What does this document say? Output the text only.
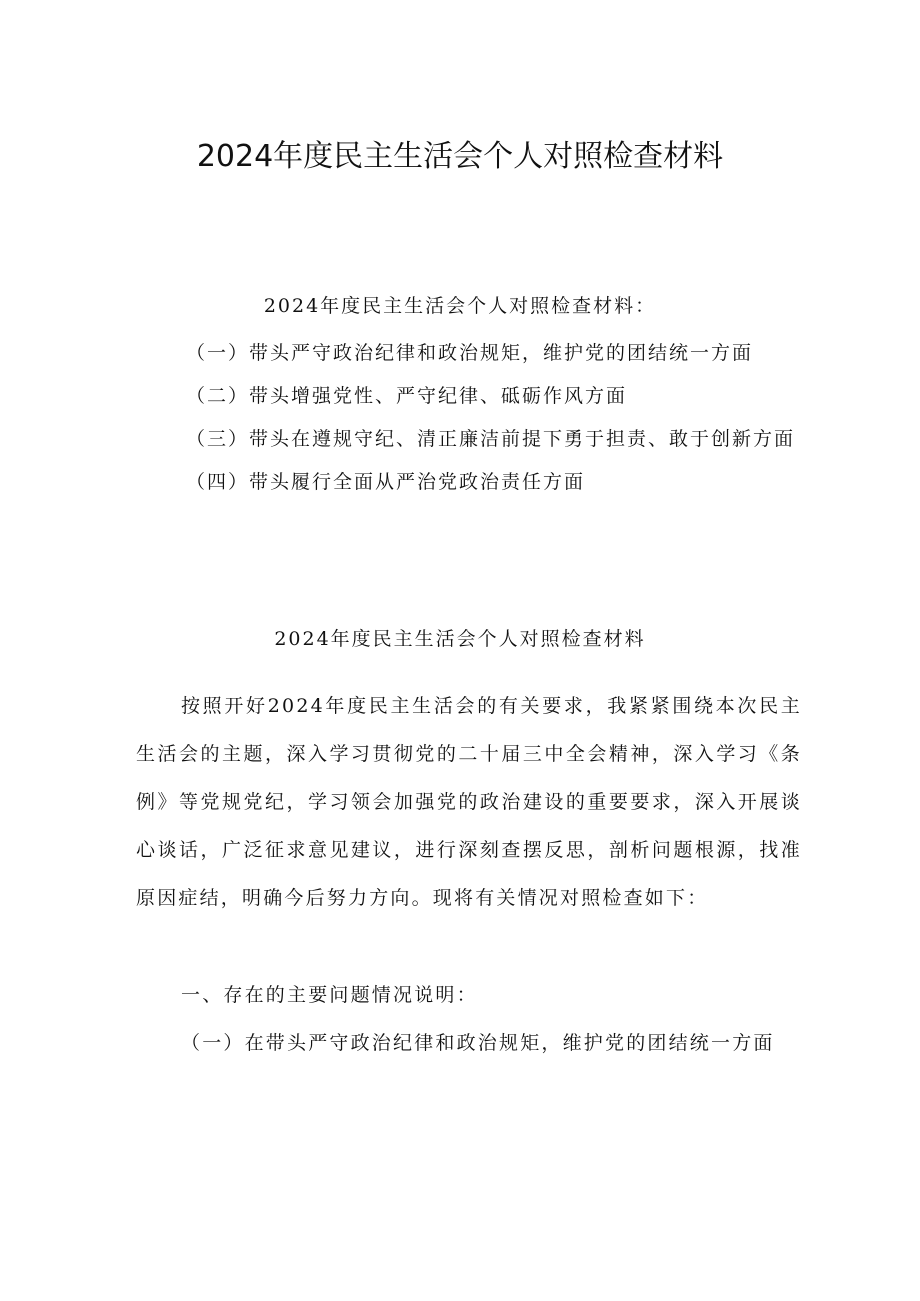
2024年度民主生活会个人对照检查材料

2024年度民主生活会个人对照检查材料：

（一）带头严守政治纪律和政治规矩，维护党的团结统一方面
（二）带头增强党性、严守纪律、砥砺作风方面
（三）带头在遵规守纪、清正廉洁前提下勇于担责、敢于创新方面
（四）带头履行全面从严治党政治责任方面

2024年度民主生活会个人对照检查材料

按照开好2024年度民主生活会的有关要求，我紧紧围绕本次民主生活会的主题，深入学习贯彻党的二十届三中全会精神，深入学习《条例》等党规党纪，学习领会加强党的政治建设的重要要求，深入开展谈心谈话，广泛征求意见建议，进行深刻查摆反思，剖析问题根源，找准原因症结，明确今后努力方向。现将有关情况对照检查如下：

一、存在的主要问题情况说明：

（一）在带头严守政治纪律和政治规矩，维护党的团结统一方面
